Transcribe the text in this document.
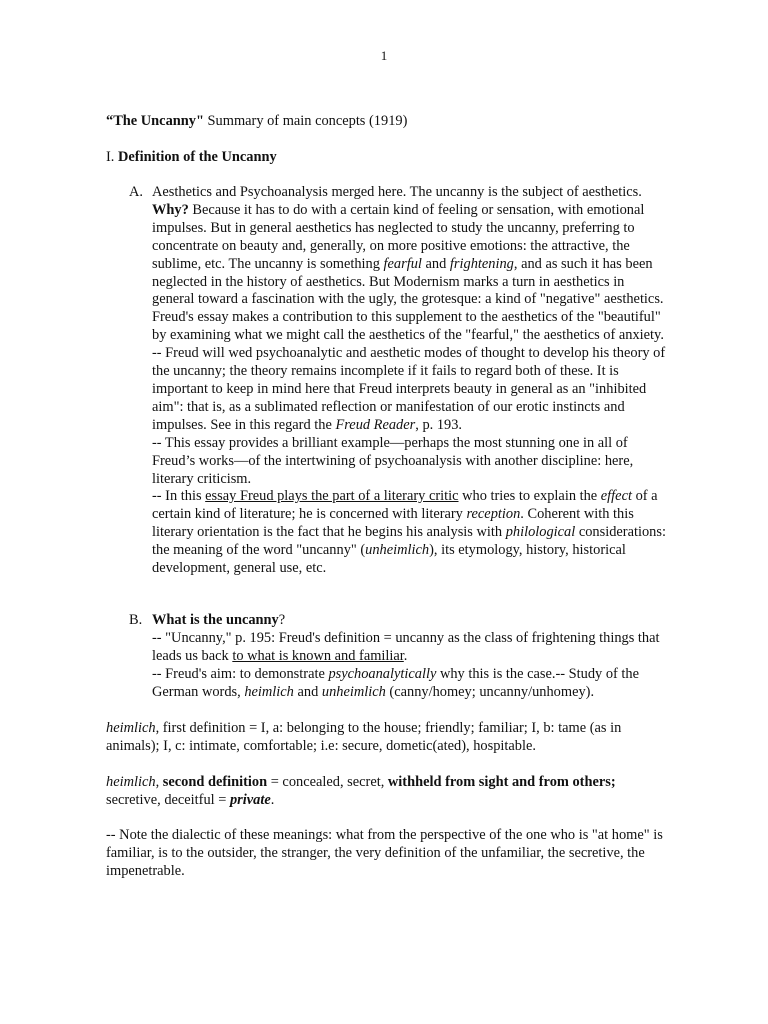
1
“The Uncanny" Summary of main concepts (1919)
I. Definition of the Uncanny
A. Aesthetics and Psychoanalysis merged here. The uncanny is the subject of aesthetics.
Why? Because it has to do with a certain kind of feeling or sensation, with emotional impulses. But in general aesthetics has neglected to study the uncanny, preferring to concentrate on beauty and, generally, on more positive emotions: the attractive, the sublime, etc. The uncanny is something fearful and frightening, and as such it has been neglected in the history of aesthetics. But Modernism marks a turn in aesthetics in general toward a fascination with the ugly, the grotesque: a kind of "negative" aesthetics. Freud's essay makes a contribution to this supplement to the aesthetics of the "beautiful" by examining what we might call the aesthetics of the "fearful," the aesthetics of anxiety.
-- Freud will wed psychoanalytic and aesthetic modes of thought to develop his theory of the uncanny; the theory remains incomplete if it fails to regard both of these. It is important to keep in mind here that Freud interprets beauty in general as an "inhibited aim": that is, as a sublimated reflection or manifestation of our erotic instincts and impulses. See in this regard the Freud Reader, p. 193.
-- This essay provides a brilliant example—perhaps the most stunning one in all of Freud’s works—of the intertwining of psychoanalysis with another discipline: here, literary criticism.
-- In this essay Freud plays the part of a literary critic who tries to explain the effect of a certain kind of literature; he is concerned with literary reception. Coherent with this literary orientation is the fact that he begins his analysis with philological considerations: the meaning of the word "uncanny" (unheimlich), its etymology, history, historical development, general use, etc.
B. What is the uncanny?
-- "Uncanny," p. 195: Freud's definition = uncanny as the class of frightening things that leads us back to what is known and familiar.
-- Freud's aim: to demonstrate psychoanalytically why this is the case.-- Study of the German words, heimlich and unheimlich (canny/homey; uncanny/unhomey).
heimlich, first definition = I, a: belonging to the house; friendly; familiar; I, b: tame (as in animals); I, c: intimate, comfortable; i.e: secure, dometic(ated), hospitable.
heimlich, second definition = concealed, secret, withheld from sight and from others; secretive, deceitful = private.
-- Note the dialectic of these meanings: what from the perspective of the one who is "at home" is familiar, is to the outsider, the stranger, the very definition of the unfamiliar, the secretive, the impenetrable.
